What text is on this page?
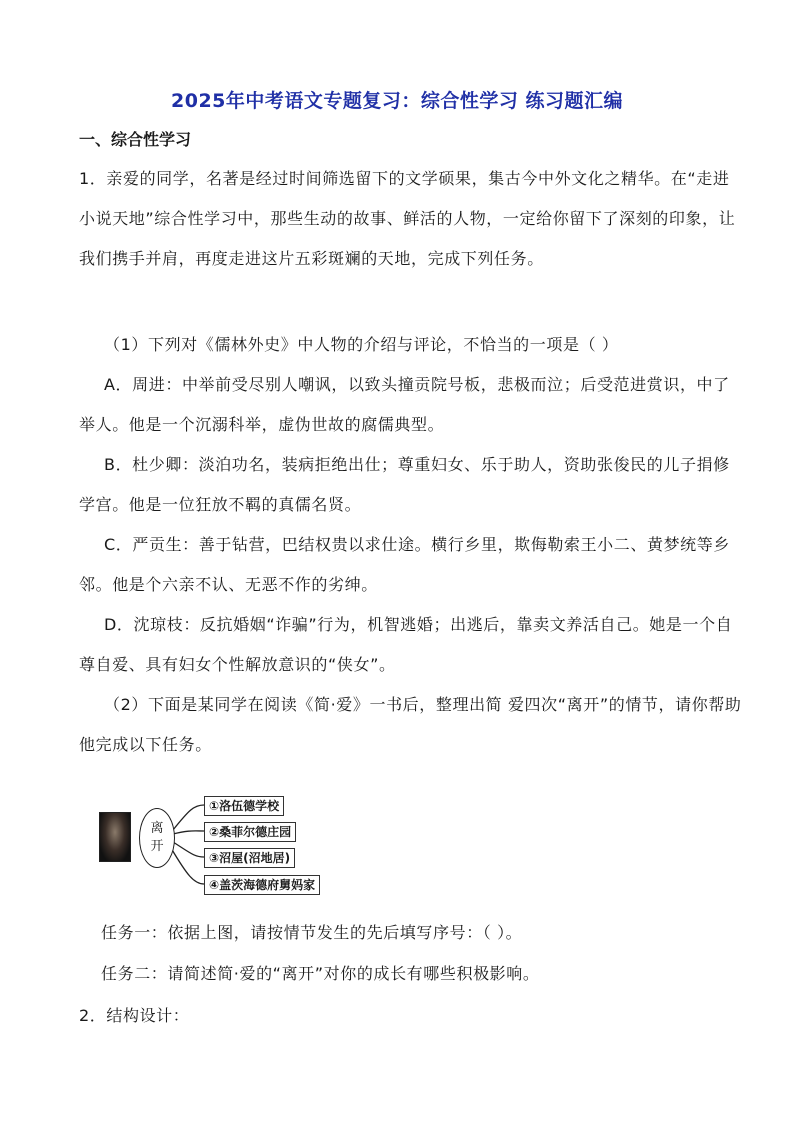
2025年中考语文专题复习：综合性学习 练习题汇编
一、综合性学习
1．亲爱的同学，名著是经过时间筛选留下的文学硕果，集古今中外文化之精华。在“走进小说天地”综合性学习中，那些生动的故事、鲜活的人物，一定给你留下了深刻的印象，让我们携手并肩，再度走进这片五彩斑斓的天地，完成下列任务。
（1）下列对《儒林外史》中人物的介绍与评论，不恰当的一项是（ ）
A．周进：中举前受尽别人嘲讽，以致头撞贡院号板，悲极而泣；后受范进赏识，中了举人。他是一个沉溺科举，虚伪世故的腐儒典型。
B．杜少卿：淡泊功名，装病拒绝出仕；尊重妇女、乐于助人，资助张俊民的儿子捐修学宫。他是一位狂放不羁的真儒名贤。
C．严贡生：善于钻营，巴结权贵以求仕途。横行乡里，欺侮勒索王小二、黄梦统等乡邻。他是个六亲不认、无恶不作的劣绅。
D．沈琼枝：反抗婚姻“诈骗”行为，机智逃婚；出逃后，靠卖文养活自己。她是一个自尊自爱、具有妇女个性解放意识的“侠女”。
（2）下面是某同学在阅读《简·爱》一书后，整理出简 爱四次“离开”的情节，请你帮助他完成以下任务。
离
开
①洛伍德学校
②桑菲尔德庄园
③沼屋(沼地居)
④盖茨海德府舅妈家
任务一：依据上图，请按情节发生的先后填写序号：（ ）。
任务二：请简述简·爱的“离开”对你的成长有哪些积极影响。
2．结构设计：
